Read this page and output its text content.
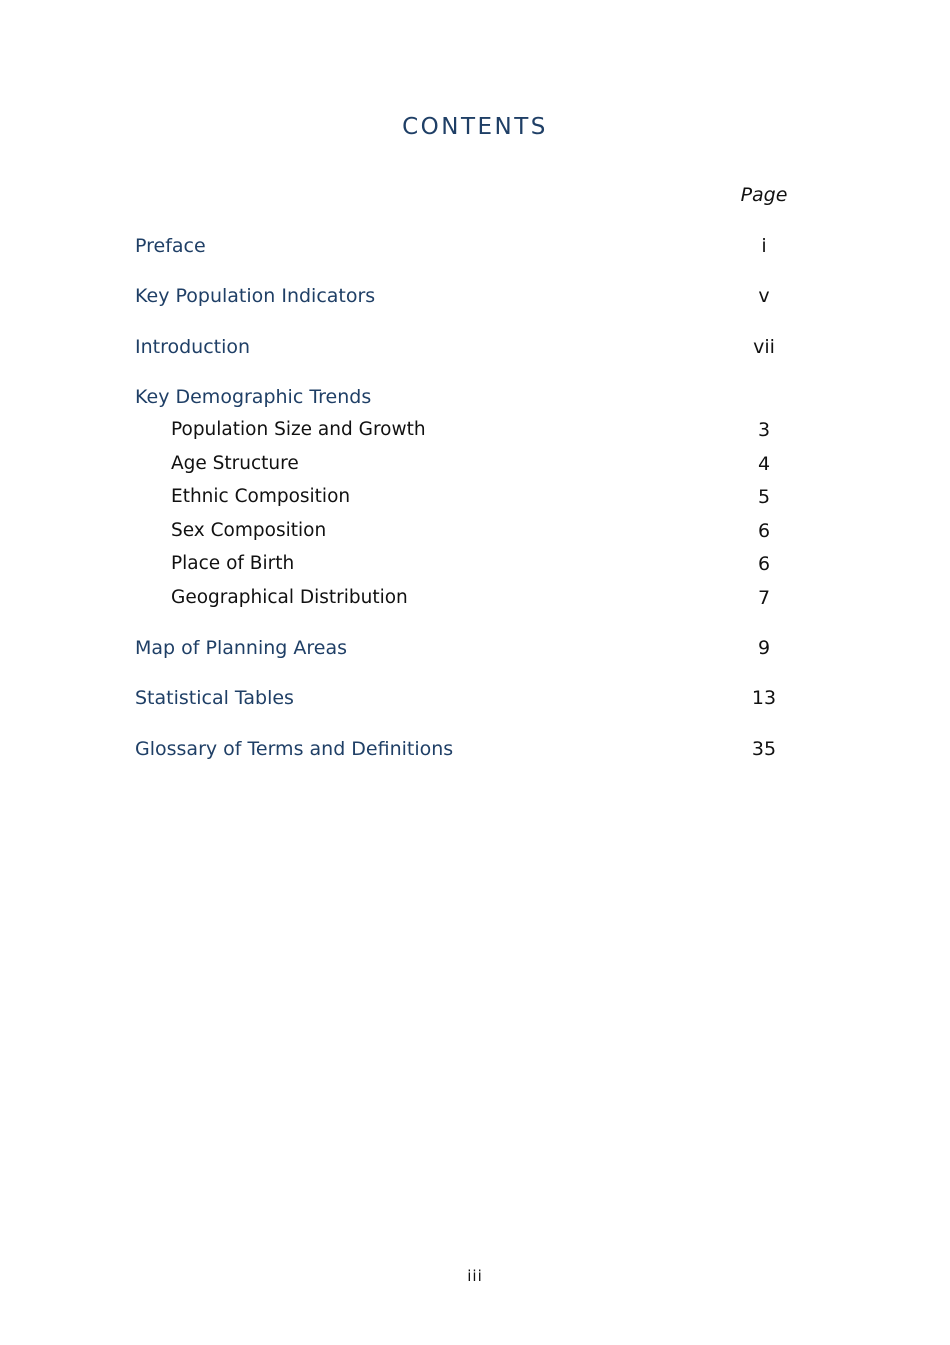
CONTENTS
Page
Preface	i
Key Population Indicators	v
Introduction	vii
Key Demographic Trends
Population Size and Growth	3
Age Structure	4
Ethnic Composition	5
Sex Composition	6
Place of Birth	6
Geographical Distribution	7
Map of Planning Areas	9
Statistical Tables	13
Glossary of Terms and Definitions	35
iii
